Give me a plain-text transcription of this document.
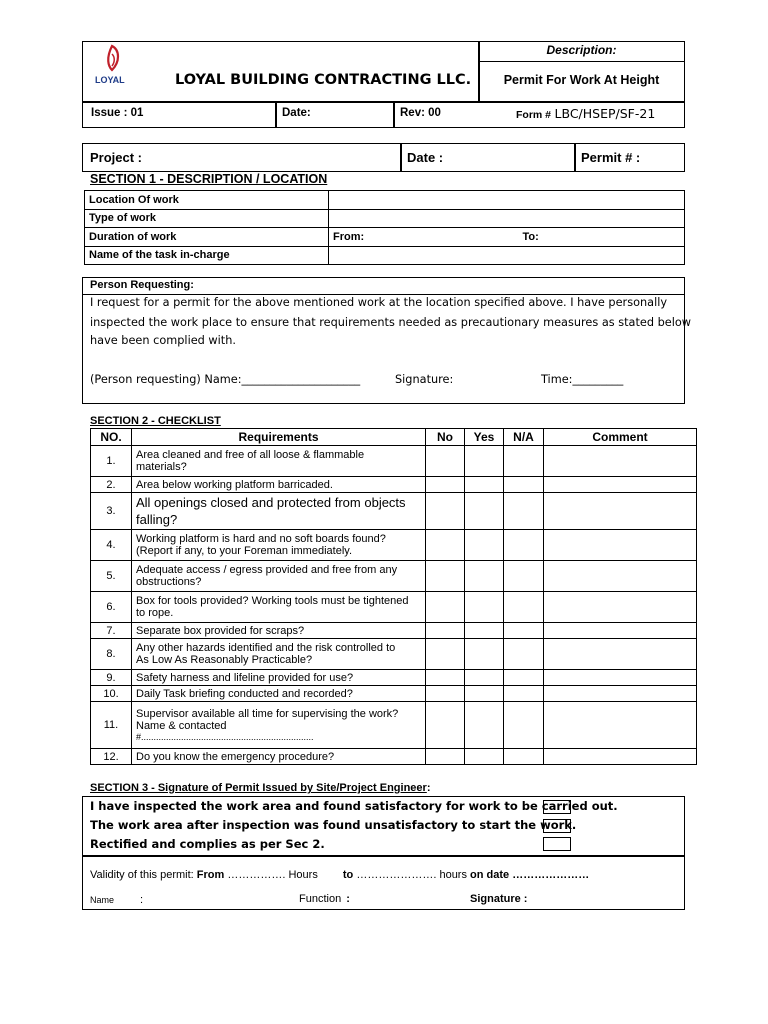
LOYAL	LOYAL BUILDING CONTRACTING LLC.
Description:
Permit For Work At Height
Issue : 01	Date:	Rev: 00	Form # LBC/HSEP/SF-21
Project :	Date :	Permit # :
SECTION 1 - DESCRIPTION / LOCATION
Location Of work		
Type of work		
Duration of work	From:	To:
Name of the task in-charge		
Person Requesting:
I request for a permit for the above mentioned work at the location specified above. I have personally
inspected the work place to ensure that requirements needed as precautionary measures as stated below
have been complied with.
(Person requesting) Name:_____________________	Signature:	Time:_________
SECTION 2 - CHECKLIST
NO.	Requirements	No	Yes	N/A	Comment
1.	Area cleaned and free of all loose & flammable
materials?				

2.	Area below working platform barricaded.				
3.	All openings closed and protected from objects
falling?				

4.	Working platform is hard and no soft boards found?
(Report if any, to your Foreman immediately.				

5.	Adequate access / egress provided and free from any
obstructions?				

6.	Box for tools provided? Working tools must be tightened
to rope.				

7.	Separate box provided for scraps?				
8.	Any other hazards identified and the risk controlled to
As Low As Reasonably Practicable?				

9.	Safety harness and lifeline provided for use?				
10.	Daily Task briefing conducted and recorded?				
11.	Supervisor available all time for supervising the work?
Name & contacted
#.....................................................................				

12.	Do you know the emergency procedure?				
SECTION 3 - Signature of Permit Issued by Site/Project Engineer:
I have inspected the work area and found satisfactory for work to be carried out.
The work area after inspection was found unsatisfactory to start the work.
Rectified and complies as per Sec 2.
Validity of this permit: From ……………. Hours to …………………. hours on date …………………
Name :	Function :	Signature :
